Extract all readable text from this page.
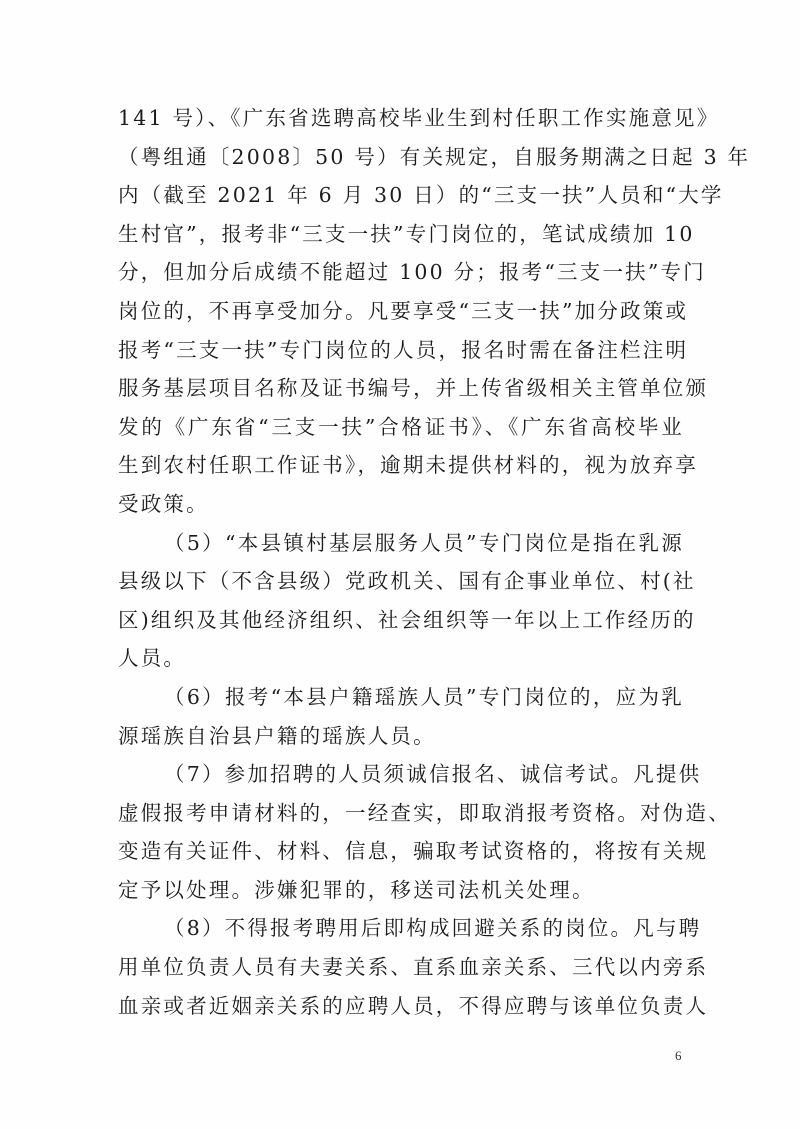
141 号）、《广东省选聘高校毕业生到村任职工作实施意见》
（粤组通〔2008〕50 号）有关规定，自服务期满之日起 3 年
内（截至 2021 年 6 月 30 日）的“三支一扶”人员和“大学
生村官”，报考非“三支一扶”专门岗位的，笔试成绩加 10
分，但加分后成绩不能超过 100 分；报考“三支一扶”专门
岗位的，不再享受加分。凡要享受“三支一扶”加分政策或
报考“三支一扶”专门岗位的人员，报名时需在备注栏注明
服务基层项目名称及证书编号，并上传省级相关主管单位颁
发的《广东省“三支一扶”合格证书》、《广东省高校毕业
生到农村任职工作证书》，逾期未提供材料的，视为放弃享
受政策。
（5）“本县镇村基层服务人员”专门岗位是指在乳源
县级以下（不含县级）党政机关、国有企事业单位、村(社
区)组织及其他经济组织、社会组织等一年以上工作经历的
人员。
（6）报考“本县户籍瑶族人员”专门岗位的，应为乳
源瑶族自治县户籍的瑶族人员。
（7）参加招聘的人员须诚信报名、诚信考试。凡提供
虚假报考申请材料的，一经查实，即取消报考资格。对伪造、
变造有关证件、材料、信息，骗取考试资格的，将按有关规
定予以处理。涉嫌犯罪的，移送司法机关处理。
（8）不得报考聘用后即构成回避关系的岗位。凡与聘
用单位负责人员有夫妻关系、直系血亲关系、三代以内旁系
血亲或者近姻亲关系的应聘人员，不得应聘与该单位负责人
6
